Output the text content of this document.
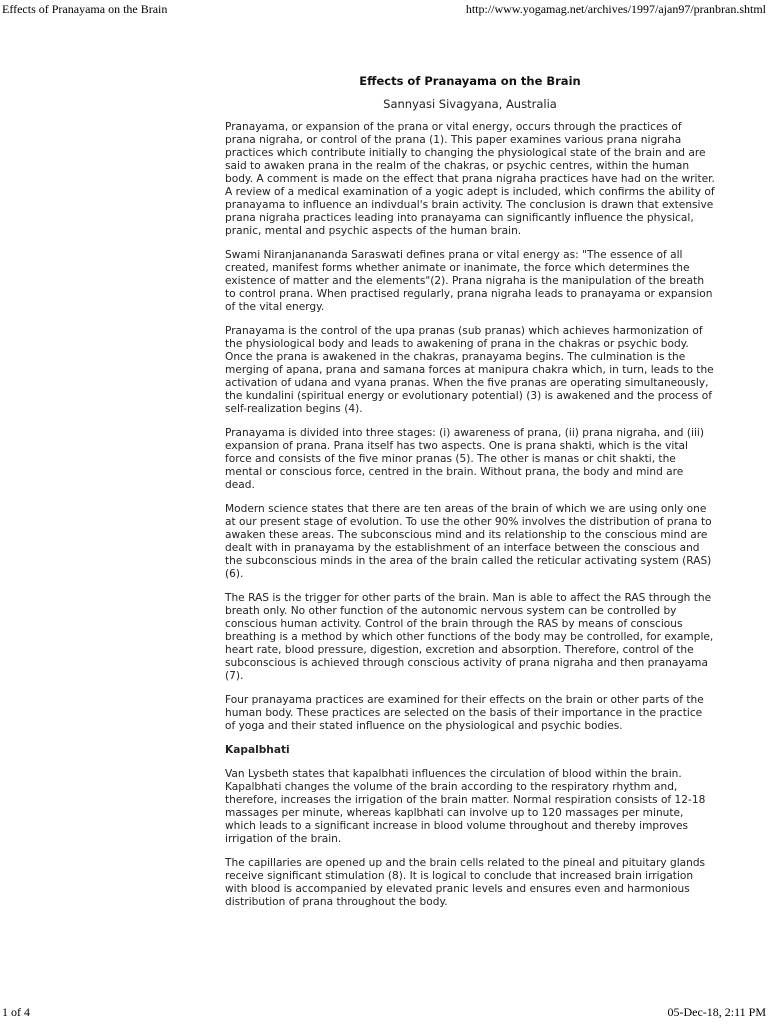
Effects of Pranayama on the Brain	http://www.yogamag.net/archives/1997/ajan97/pranbran.shtml
Effects of Pranayama on the Brain
Sannyasi Sivagyana, Australia

Pranayama, or expansion of the prana or vital energy, occurs through the practices of prana nigraha, or control of the prana (1). This paper examines various prana nigraha practices which contribute initially to changing the physiological state of the brain and are said to awaken prana in the realm of the chakras, or psychic centres, within the human body. A comment is made on the effect that prana nigraha practices have had on the writer. A review of a medical examination of a yogic adept is included, which confirms the ability of pranayama to influence an indivdual's brain activity. The conclusion is drawn that extensive prana nigraha practices leading into pranayama can significantly influence the physical, pranic, mental and psychic aspects of the human brain.

Swami Niranjanananda Saraswati defines prana or vital energy as: "The essence of all created, manifest forms whether animate or inanimate, the force which determines the existence of matter and the elements"(2). Prana nigraha is the manipulation of the breath to control prana. When practised regularly, prana nigraha leads to pranayama or expansion of the vital energy.

Pranayama is the control of the upa pranas (sub pranas) which achieves harmonization of the physiological body and leads to awakening of prana in the chakras or psychic body. Once the prana is awakened in the chakras, pranayama begins. The culmination is the merging of apana, prana and samana forces at manipura chakra which, in turn, leads to the activation of udana and vyana pranas. When the five pranas are operating simultaneously, the kundalini (spiritual energy or evolutionary potential) (3) is awakened and the process of self-realization begins (4).

Pranayama is divided into three stages: (i) awareness of prana, (ii) prana nigraha, and (iii) expansion of prana. Prana itself has two aspects. One is prana shakti, which is the vital force and consists of the five minor pranas (5). The other is manas or chit shakti, the mental or conscious force, centred in the brain. Without prana, the body and mind are dead.

Modern science states that there are ten areas of the brain of which we are using only one at our present stage of evolution. To use the other 90% involves the distribution of prana to awaken these areas. The subconscious mind and its relationship to the conscious mind are dealt with in pranayama by the establishment of an interface between the conscious and the subconscious minds in the area of the brain called the reticular activating system (RAS) (6).

The RAS is the trigger for other parts of the brain. Man is able to affect the RAS through the breath only. No other function of the autonomic nervous system can be controlled by conscious human activity. Control of the brain through the RAS by means of conscious breathing is a method by which other functions of the body may be controlled, for example, heart rate, blood pressure, digestion, excretion and absorption. Therefore, control of the subconscious is achieved through conscious activity of prana nigraha and then pranayama (7).

Four pranayama practices are examined for their effects on the brain or other parts of the human body. These practices are selected on the basis of their importance in the practice of yoga and their stated influence on the physiological and psychic bodies.

Kapalbhati

Van Lysbeth states that kapalbhati influences the circulation of blood within the brain. Kapalbhati changes the volume of the brain according to the respiratory rhythm and, therefore, increases the irrigation of the brain matter. Normal respiration consists of 12-18 massages per minute, whereas kaplbhati can involve up to 120 massages per minute, which leads to a significant increase in blood volume throughout and thereby improves irrigation of the brain.

The capillaries are opened up and the brain cells related to the pineal and pituitary glands receive significant stimulation (8). It is logical to conclude that increased brain irrigation with blood is accompanied by elevated pranic levels and ensures even and harmonious distribution of prana throughout the body.

1 of 4	05-Dec-18, 2:11 PM
